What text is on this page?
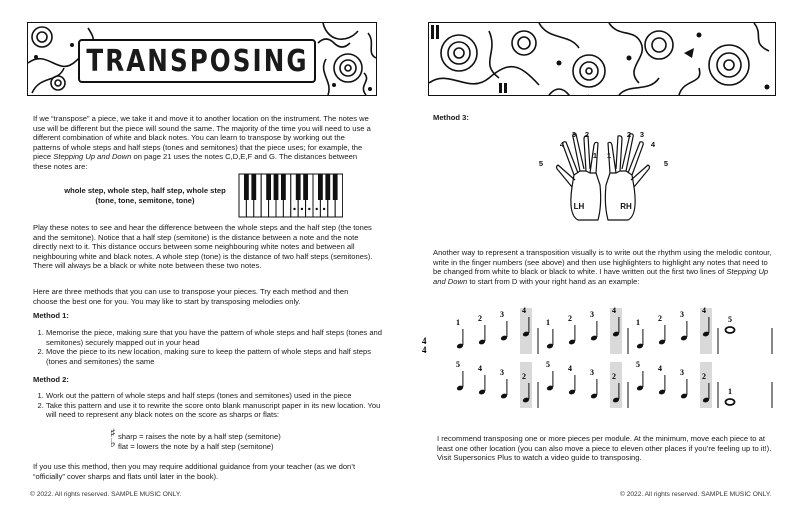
TRANSPOSING

If we “transpose” a piece, we take it and move it to another location on the instrument. The notes we use will be different but the piece will sound the same. The majority of the time you will need to use a different combination of white and black notes. You can learn to transpose by working out the patterns of whole steps and half steps (tones and semitones) that the piece uses; for example, the piece Stepping Up and Down on page 21 uses the notes C,D,E,F and G. The distances between these notes are:

whole step, whole step, half step, whole step
(tone, tone, semitone, tone)

Play these notes to see and hear the difference between the whole steps and the half step (the tones and the semitone). Notice that a half step (semitone) is the distance between a note and the note directly next to it. This distance occurs between some neighbouring white notes and between all neighbouring white and black notes. A whole step (tone) is the distance of two half steps (semitones). There will always be a black or white note between these two notes.

Here are three methods that you can use to transpose your pieces. Try each method and then choose the best one for you. You may like to start by transposing melodies only.

Method 1:
1. Memorise the piece, making sure that you have the pattern of whole steps and half steps (tones and semitones) securely mapped out in your head
2. Move the piece to its new location, making sure to keep the pattern of whole steps and half steps (tones and semitones) the same
Method 2:
1. Work out the pattern of whole steps and half steps (tones and semitones) used in the piece
2. Take this pattern and use it to rewrite the score onto blank manuscript paper in its new location. You will need to represent any black notes on the score as sharps or flats:
♯ sharp = raises the note by a half step (semitone)
♭ flat = lowers the note by a half step (semitone)

If you use this method, then you may require additional guidance from your teacher (as we don’t “officially” cover sharps and flats until later in the book).

© 2022. All rights reserved. SAMPLE MUSIC ONLY.
Method 3:
1
2
3
4
5
1
2 3
4
5
LH	RH

Another way to represent a transposition visually is to write out the rhythm using the melodic contour, write in the finger numbers (see above) and then use highlighters to highlight any notes that need to be changed from white to black or black to white. I have written out the first two lines of Stepping Up and Down to start from D with your right hand as an example:

4
4
1 2 3 4
1 2 3 4
1 2 3 4
5
5 4 3 2
5 4 3 2
5 4 3 2
1

I recommend transposing one or more pieces per module. At the minimum, move each piece to at least one other location (you can also move a piece to eleven other places if you’re feeling up to it!). Visit Supersonics Plus to watch a video guide to transposing.

© 2022. All rights reserved. SAMPLE MUSIC ONLY.
